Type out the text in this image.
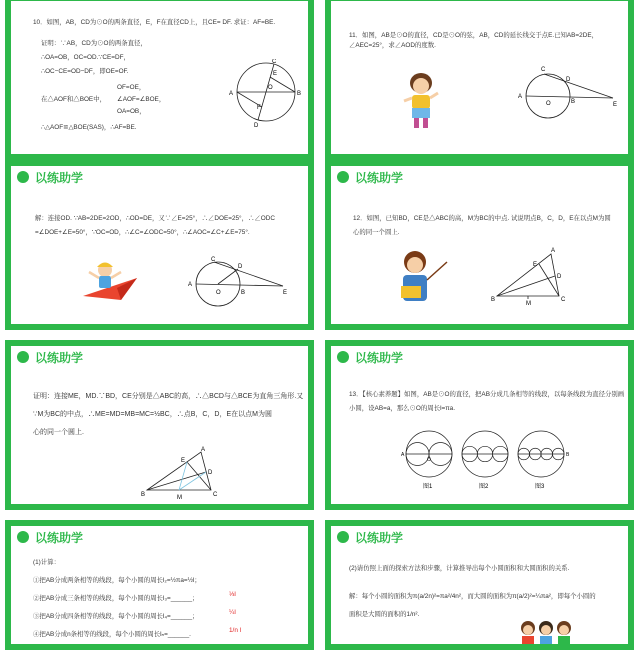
10．如图，AB，CD为⊙O的两条直径，E，F在直径CD上，且CE= DF. 求证：AF=BE.
证明：∵AB，CD为⊙O的两条直径，
∴OA=OB，OC=OD.∵CE=DF，
∴OC−CE=OD−DF，即OE=OF.
在△AOF和△BOE中，
OF=OE，
∠AOF=∠BOE，
OA=OB，
∴△AOF≌△BOE(SAS)，∴AF=BE.
C
A	B
D
O
E
F
11．如图，AB是⊙O的直径，CD是⊙O的弦，AB，CD的延长线交于点E.已知AB=2DE，∠AEC=25°，求∠AOD的度数.
C
D
A
O	B	E
以练助学
解：连接OD. ∵AB=2DE=2OD，∴OD=DE，又∵∠E=25°，∴∠DOE=25°，∴∠ODC
=∠DOE+∠E=50°，∵OC=OD，∴∠C=∠ODC=50°，∴∠AOC=∠C+∠E=75°.
C
D
A
O	B	E
以练助学
12．如图，已知BD，CE是△ABC的高，M为BC的中点. 试说明点B，C，D，E在以点M为圆
心的同一个圆上.
A
E
D
B
M
C
以练助学
证明：连接ME，MD.∵BD，CE分别是△ABC的高，∴△BCD与△BCE为直角三角形.又
∵M为BC的中点，∴ME=MD=MB=MC=½BC，∴点B，C，D，E在以点M为圆
心的同一个圆上.
A
E
D
B	M	C
以练助学
13．【核心素养题】如图，AB是⊙O的直径，把AB分成几条相等的线段，以每条线段为直径分别画
小圆，设AB=a，那么⊙O的周长l=πa.
A
O
B
图1	图2	图3
以练助学
(1)计算：
①把AB分成两条相等的线段，每个小圆的周长l₂=½πa=½l；
②把AB分成三条相等的线段，每个小圆的周长l₃=______；
⅓l
③把AB分成四条相等的线段，每个小圆的周长l₄=______；
¼l
④把AB分成n条相等的线段，每个小圆的周长lₙ=______.
1/n l
以练助学
(2)请仿照上面的探索方法和步骤，计算推导出每个小圆面积和大圆面积的关系.
解：每个小圆的面积为π(a/2n)²=πa²/4n²，而大圆的面积为π(a/2)²=¼πa²，即每个小圆的
面积是大圆的面积的1/n².
